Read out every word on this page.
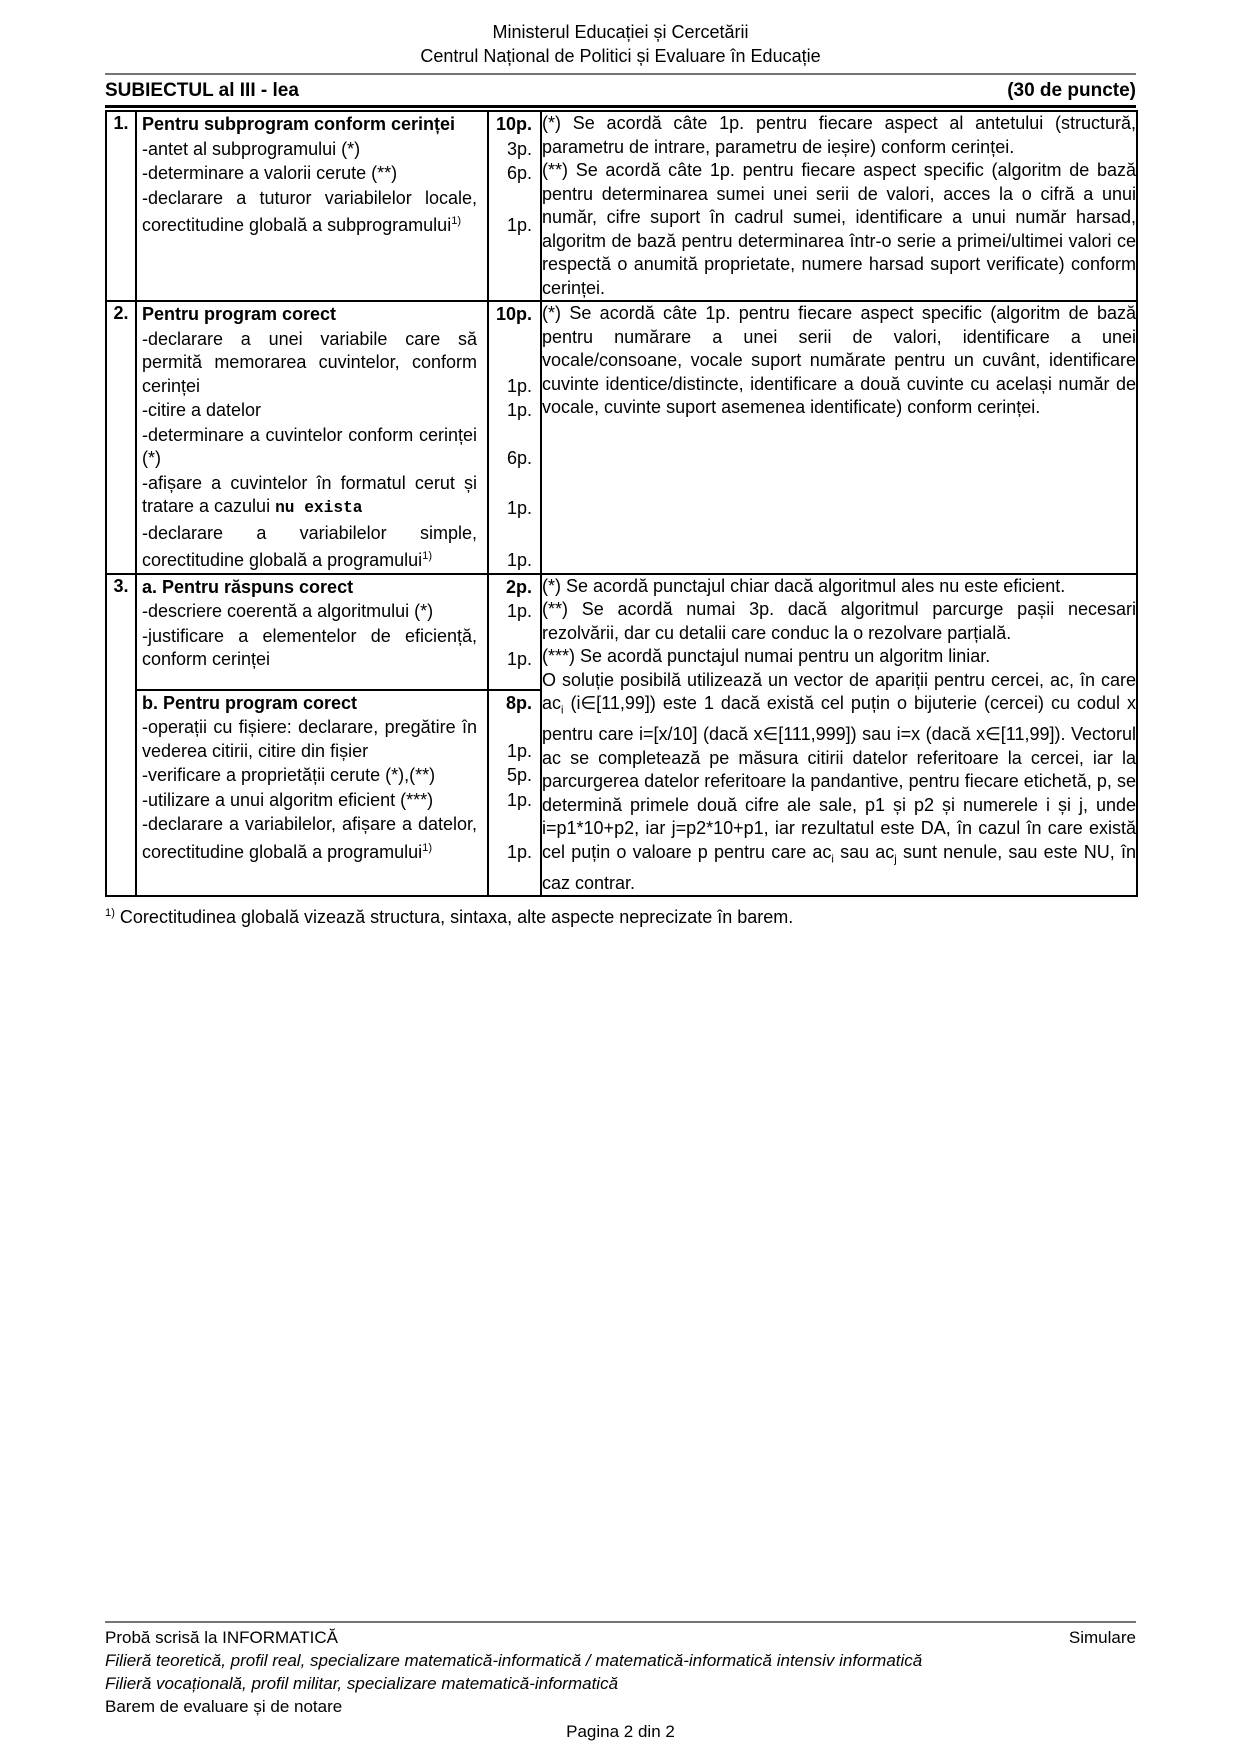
Ministerul Educației și Cercetării
Centrul Național de Politici și Evaluare în Educație
SUBIECTUL al III - lea	(30 de puncte)
1.	Pentru subprogram conform cerinței	10p.
-antet al subprogramului (*)	3p.
-determinare a valorii cerute (**)	6p.
-declarare a tuturor variabilelor locale, corectitudine globală a subprogramului$^{1)}$	1p.

(*) Se acordă câte 1p. pentru fiecare aspect al antetului (structură, parametru de intrare, parametru de ieșire) conform cerinței.
(**) Se acordă câte 1p. pentru fiecare aspect specific (algoritm de bază pentru determinarea sumei unei serii de valori, acces la o cifră a unui număr, cifre suport în cadrul sumei, identificare a unui număr harsad, algoritm de bază pentru determinarea într-o serie a primei/ultimei valori ce respectă o anumită proprietate, numere harsad suport verificate) conform cerinței.

2.	Pentru program corect	10p.
-declarare a unei variabile care să permită memorarea cuvintelor, conform cerinței	1p.
-citire a datelor	1p.
-determinare a cuvintelor conform cerinței (*)	6p.
-afișare a cuvintelor în formatul cerut și tratare a cazului nu exista	1p.
-declarare a variabilelor simple, corectitudine globală a programului$^{1)}$	1p.

(*) Se acordă câte 1p. pentru fiecare aspect specific (algoritm de bază pentru numărare a unei serii de valori, identificare a unei vocale/consoane, vocale suport numărate pentru un cuvânt, identificare cuvinte identice/distincte, identificare a două cuvinte cu același număr de vocale, cuvinte suport asemenea identificate) conform cerinței.

3.	a. Pentru răspuns corect	2p.
-descriere coerentă a algoritmului (*)	1p.
-justificare a elementelor de eficiență, conform cerinței	1p.

(*) Se acordă punctajul chiar dacă algoritmul ales nu este eficient.
(**) Se acordă numai 3p. dacă algoritmul parcurge pașii necesari rezolvării, dar cu detalii care conduc la o rezolvare parțială.
(***) Se acordă punctajul numai pentru un algoritm liniar.
O soluție posibilă utilizează un vector de apariții pentru cercei, ac, în care $ac_i$ (i∈[11,99]) este 1 dacă există cel puțin o bijuterie (cercei) cu codul x pentru care i=[x/10] (dacă x∈[111,999]) sau i=x (dacă x∈[11,99]). Vectorul ac se completează pe măsura citirii datelor referitoare la cercei, iar la parcurgerea datelor referitoare la pandantive, pentru fiecare etichetă, p, se determină primele două cifre ale sale, p1 și p2 și numerele i și j, unde i=p1*10+p2, iar j=p2*10+p1, iar rezultatul este DA, în cazul în care există cel puțin o valoare p pentru care $ac_i$ sau $ac_j$ sunt nenule, sau este NU, în caz contrar.

b. Pentru program corect	8p.
-operații cu fișiere: declarare, pregătire în vederea citirii, citire din fișier	1p.
-verificare a proprietății cerute (*),(**)	5p.
-utilizare a unui algoritm eficient (***)	1p.
-declarare a variabilelor, afișare a datelor, corectitudine globală a programului$^{1)}$	1p.
$^{1)}$ Corectitudinea globală vizează structura, sintaxa, alte aspecte neprecizate în barem.
Probă scrisă la INFORMATICĂ	Simulare
Filieră teoretică, profil real, specializare matematică-informatică / matematică-informatică intensiv informatică
Filieră vocațională, profil militar, specializare matematică-informatică
Barem de evaluare și de notare
Pagina 2 din 2
